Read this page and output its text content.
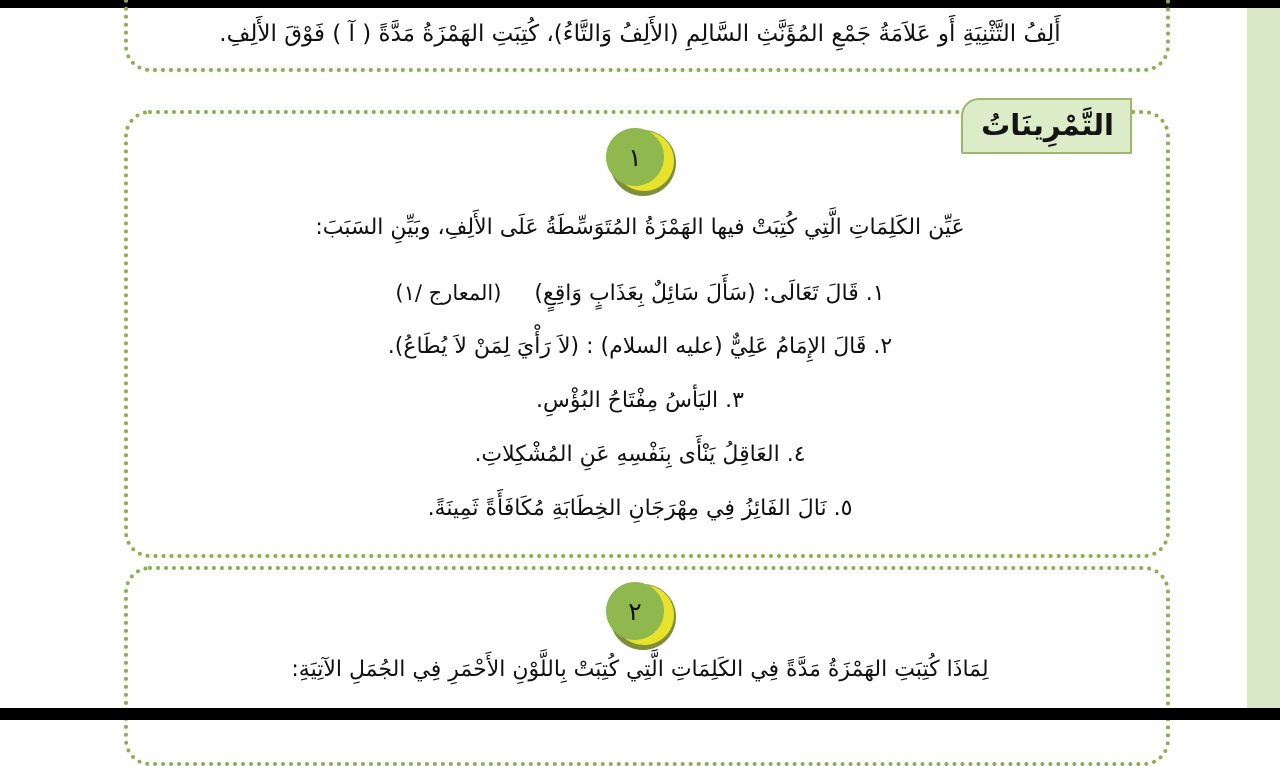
أَلِفُ التَّثْنِيَةِ أَو عَلاَمَةُ جَمْعِ المُؤَنَّثِ السَّالِمِ (الأَلِفُ وَالتَّاءُ)، كُتِبَتِ الهَمْزَةُ مَدَّةً ( آ ) فَوْقَ الأَلِفِ.
١
عَيِّن الكَلِمَاتِ الَّتِي كُتِبَتْ فيها الهَمْزَةُ المُتَوَسِّطَةُ عَلَى الأَلِفِ، وبَيِّنِ السَبَبَ:
١. قَالَ تَعَالَى: (سَأَلَ سَائِلٌ بِعَذَابٍ وَاقِعٍ) (المعارج /١)
٢. قَالَ الإِمَامُ عَلِيٌّ (عليه السلام) : (لاَ رَأْيَ لِمَنْ لاَ يُطَاعُ).
٣. اليَأسُ مِفْتَاحُ البُؤْسِ.
٤. العَاقِلُ يَنْأَى بِنَفْسِهِ عَنِ المُشْكِلاتِ.
٥. نَالَ الفَائِزُ فِي مِهْرَجَانِ الخِطَابَةِ مُكَافَأَةً ثَمِينَةً.
التَّمْرِينَاتُ
٢
لِمَاذَا كُتِبَتِ الهَمْزَةُ مَدَّةً فِي الكَلِمَاتِ الَّتِي كُتِبَتْ بِاللَّوْنِ الأَحْمَرِ فِي الجُمَلِ الآتِيَةِ:
